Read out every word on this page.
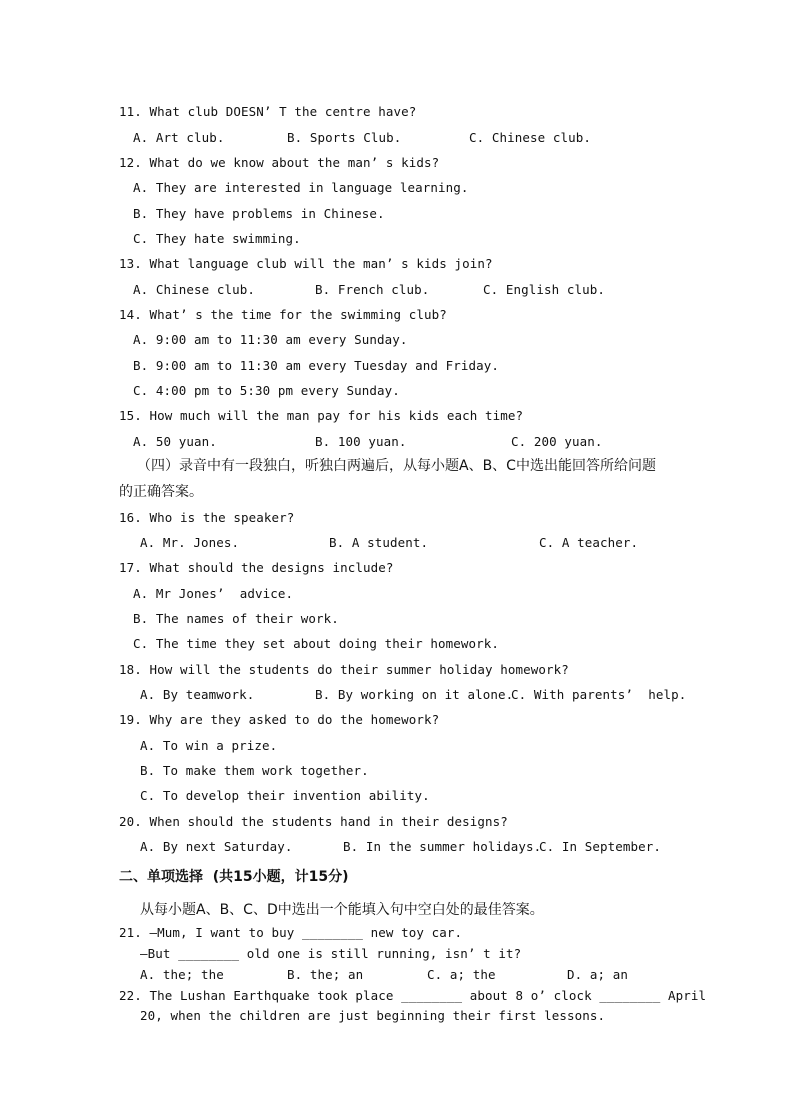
11. What club DOESN’ T the centre have?
A. Art club.	B. Sports Club.	C. Chinese club.
12. What do we know about the man’ s kids?
A. They are interested in language learning.
B. They have problems in Chinese.
C. They hate swimming.
13. What language club will the man’ s kids join?
A. Chinese club.	B. French club.	C. English club.
14. What’ s the time for the swimming club?
A. 9:00 am to 11:30 am every Sunday.
B. 9:00 am to 11:30 am every Tuesday and Friday.
C. 4:00 pm to 5:30 pm every Sunday.
15. How much will the man pay for his kids each time?
A. 50 yuan.	B. 100 yuan.	C. 200 yuan.
（四）录音中有一段独白，听独白两遍后，从每小题A、B、C中选出能回答所给问题
的正确答案。
16. Who is the speaker?
A. Mr. Jones.	B. A student.	C. A teacher.
17. What should the designs include?
A. Mr Jones’  advice.
B. The names of their work.
C. The time they set about doing their homework.
18. How will the students do their summer holiday homework?
A. By teamwork.	B. By working on it alone.
C. With parents’  help.
19. Why are they asked to do the homework?
A. To win a prize.
B. To make them work together.
C. To develop their invention ability.
20. When should the students hand in their designs?
A. By next Saturday.	B. In the summer holidays.
C. In September.
二、单项选择  (共15小题，计15分)
从每小题A、B、C、D中选出一个能填入句中空白处的最佳答案。
21. —Mum, I want to buy ________ new toy car.
—But ________ old one is still running, isn’ t it?
A. the; the	B. the; an	C. a; the	D. a; an
22. The Lushan Earthquake took place ________ about 8 o’ clock ________ April
20, when the children are just beginning their first lessons.
